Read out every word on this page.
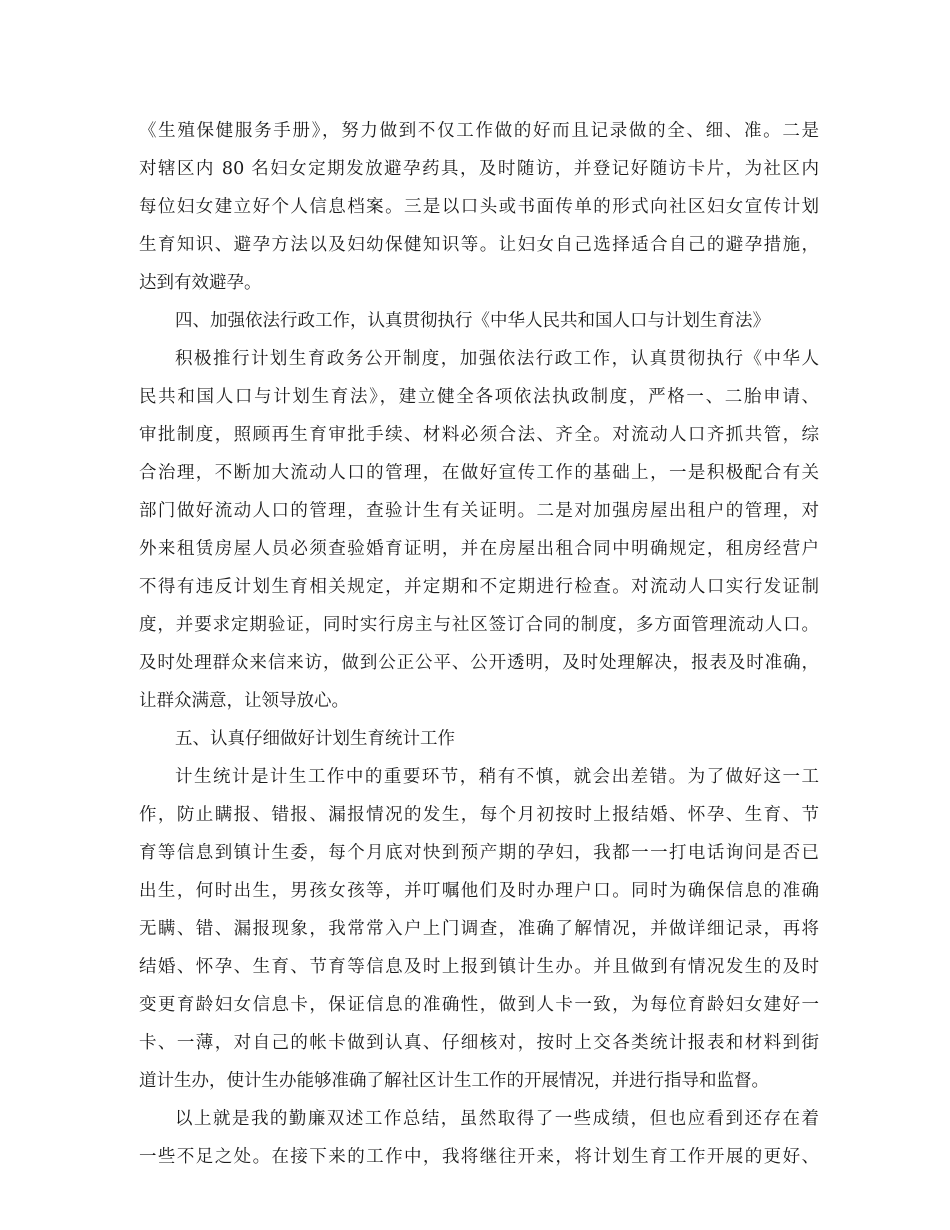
《生殖保健服务手册》，努力做到不仅工作做的好而且记录做的全、细、准。二是
对辖区内 80 名妇女定期发放避孕药具，及时随访，并登记好随访卡片，为社区内
每位妇女建立好个人信息档案。三是以口头或书面传单的形式向社区妇女宣传计划
生育知识、避孕方法以及妇幼保健知识等。让妇女自己选择适合自己的避孕措施，
达到有效避孕。
四、加强依法行政工作，认真贯彻执行《中华人民共和国人口与计划生育法》
积极推行计划生育政务公开制度，加强依法行政工作，认真贯彻执行《中华人
民共和国人口与计划生育法》，建立健全各项依法执政制度，严格一、二胎申请、
审批制度，照顾再生育审批手续、材料必须合法、齐全。对流动人口齐抓共管，综
合治理，不断加大流动人口的管理，在做好宣传工作的基础上，一是积极配合有关
部门做好流动人口的管理，查验计生有关证明。二是对加强房屋出租户的管理，对
外来租赁房屋人员必须查验婚育证明，并在房屋出租合同中明确规定，租房经营户
不得有违反计划生育相关规定，并定期和不定期进行检查。对流动人口实行发证制
度，并要求定期验证，同时实行房主与社区签订合同的制度，多方面管理流动人口。
及时处理群众来信来访，做到公正公平、公开透明，及时处理解决，报表及时准确，
让群众满意，让领导放心。
五、认真仔细做好计划生育统计工作
计生统计是计生工作中的重要环节，稍有不慎，就会出差错。为了做好这一工
作，防止瞒报、错报、漏报情况的发生，每个月初按时上报结婚、怀孕、生育、节
育等信息到镇计生委，每个月底对快到预产期的孕妇，我都一一打电话询问是否已
出生，何时出生，男孩女孩等，并叮嘱他们及时办理户口。同时为确保信息的准确
无瞒、错、漏报现象，我常常入户上门调查，准确了解情况，并做详细记录，再将
结婚、怀孕、生育、节育等信息及时上报到镇计生办。并且做到有情况发生的及时
变更育龄妇女信息卡，保证信息的准确性，做到人卡一致，为每位育龄妇女建好一
卡、一薄，对自己的帐卡做到认真、仔细核对，按时上交各类统计报表和材料到街
道计生办，使计生办能够准确了解社区计生工作的开展情况，并进行指导和监督。
以上就是我的勤廉双述工作总结，虽然取得了一些成绩，但也应看到还存在着
一些不足之处。在接下来的工作中，我将继往开来，将计划生育工作开展的更好、
